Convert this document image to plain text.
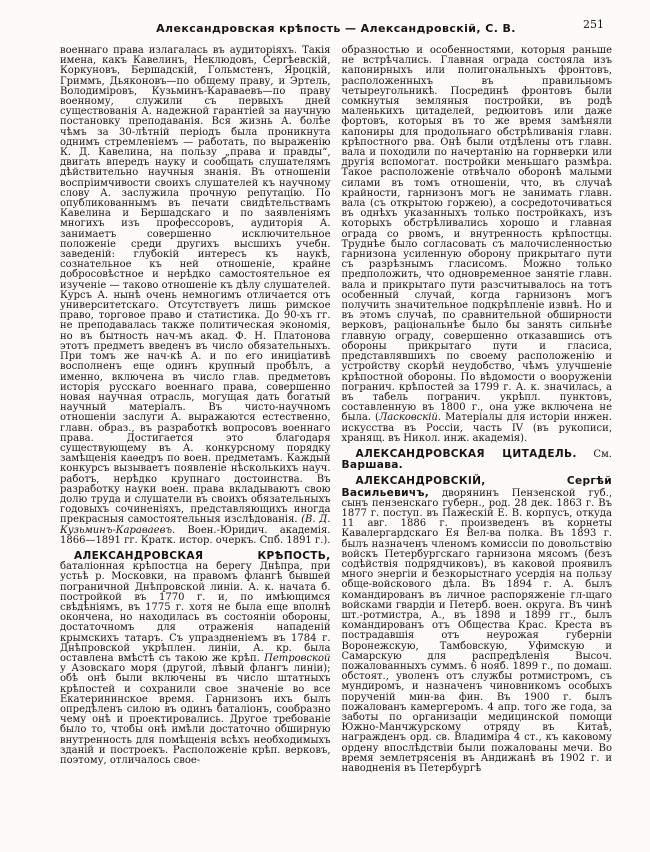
Александровская крѣпость — Александровскій, С. В.	251

военнаго права излагалась въ аудиторіяхъ. Такія имена, какъ Кавелинъ, Неклюдовъ, Сергѣевскій, Коркуновъ, Бершадскій, Гольмстенъ, Яроцкій, Гриммъ, Дьяконовъ—по общему праву, и Эртель, Володиміровъ, Кузьминъ-Караваевъ—по праву военному, служили съ первыхъ дней существованія А. надежной гарантіей за научную постановку преподаванія. Вся жизнь А. болѣе чѣмъ за 30-лѣтній періодъ была проникнута однимъ стремленіемъ — работать, по выраженію К. Д. Кавелина, на пользу „права и правды“, двигать впередъ науку и сообщать слушателямъ дѣйствительно научныя знанія. Въ отношеніи воспріимчивости своихъ слушателей къ научному слову А. заслужила прочную репутацію. По опубликованнымъ въ печати свидѣтельствамъ Кавелина и Бершадскаго и по заявленіямъ многихъ изъ профессоровъ, аудиторія А. занимаетъ совершенно исключительное положеніе среди другихъ высшихъ учебн. заведеній: глубокій интересъ къ наукѣ, сознательное къ ней отношеніе, крайне добросовѣстное и нерѣдко самостоятельное ея изученіе — таково отношеніе къ дѣлу слушателей. Курсъ А. нынѣ очень немногимъ отличается отъ университетскаго. Отсутствуетъ лишь римское право, торговое право и статистика. До 90-хъ гг. не преподавалась также политическая экономія, но въ бытность нач-мъ акад. Ф. Н. Платонова этотъ предметъ введенъ въ число обязательныхъ. При томъ же нач-кѣ А. и по его иниціативѣ восполненъ еще одинъ крупный пробѣлъ, а именно, включена въ число глав. предметовъ исторія русскаго военнаго права, совершенно новая научная отрасль, могущая дать богатый научный матеріалъ. Въ чисто-научномъ отношеніи заслуги А. выражаются естественно, главн. образ., въ разработкѣ вопросовъ военнаго права. Достигается это благодаря существующему въ А. конкурсному порядку замѣщенія каѳедръ по воен. предметамъ. Каждый конкурсъ вызываетъ появленіе нѣсколькихъ науч. работъ, нерѣдко крупнаго достоинства. Въ разработку науки воен. права вкладываютъ свою долю труда и слушатели въ своихъ обязательныхъ годовыхъ сочиненіяхъ, представляющихъ иногда прекрасныя самостоятельныя изслѣдованія. (В. Д. Кузьминъ-Караваевъ. Воен.-Юридич. академія. 1866—1891 гг. Кратк. истор. очеркъ. Спб. 1891 г.).

АЛЕКСАНДРОВСКАЯ КРѢПОСТЬ, баталіонная крѣпостца на берегу Днѣпра, при устьѣ р. Московки, на правомъ флангѣ бывшей пограничной Днѣпровской линіи. А. к. начата б. постройкой въ 1770 г. и, по имѣющимся свѣдѣніямъ, въ 1775 г. хотя не была еще вполнѣ окончена, но находилась въ состояніи обороны, достаточномъ для отраженія нападеній крымскихъ татаръ. Съ упраздненіемъ въ 1784 г. Днѣпровской укрѣплен. линіи, А. кр. была оставлена вмѣстѣ съ такою же крѣп. Петровской у Азовскаго моря (другой, лѣвый флангъ линіи); обѣ онѣ были включены въ число штатныхъ крѣпостей и сохранили свое значеніе во все Екатерининское время. Гарнизонъ ихъ былъ опредѣленъ силою въ одинъ баталіонъ, сообразно чему онѣ и проектировались. Другое требованіе было то, чтобы онѣ имѣли достаточно обширную внутренность для помѣщенія всѣхъ необходимыхъ зданій и построекъ. Расположеніе крѣп. верковъ, поэтому, отличалось свое-

образностью и особенностями, которыя раньше не встрѣчались. Главная ограда состояла изъ капонирныхъ или полигональныхъ фронтовъ, расположенныхъ въ правильномъ четыреугольникѣ. Посрединѣ фронтовъ были сомкнутыя земляныя постройки, въ родѣ маленькихъ цитаделей, редюитовъ или даже фортовъ, которыя въ то же время замѣняли капониры для продольнаго обстрѣливанія главн. крѣпостного рва. Онѣ были отдѣлены отъ главн. вала и походили по начертанію на горнверки или другія вспомогат. постройки меньшаго размѣра. Такое расположеніе отвѣчало оборонѣ малыми силами въ томъ отношеніи, что, въ случаѣ крайности, гарнизонъ могъ не занимать главн. вала (съ открытою горжею), а сосредоточиваться въ однѣхъ указанныхъ только постройкахъ, изъ которыхъ обстрѣливались хорошо и главная ограда со рвомъ, и внутренность крѣпостцы. Труднѣе было согласовать съ малочисленностью гарнизона усиленную оборону прикрытаго пути съ разрѣзнымъ гласисомъ. Можно только предположить, что одновременное занятіе главн. вала и прикрытаго пути разсчитывалось на тотъ особенный случай, когда гарнизонъ могъ получить значительное подкрѣпленіе извнѣ. Но и въ этомъ случаѣ, по сравнительной обширности верковъ, раціональнѣе было бы занять сильнѣе главную ограду, совершенно отказавшись отъ обороны прикрытаго пути и гласиса, представлявшихъ по своему расположенію и устройству скорѣй неудобство, чѣмъ улучшеніе крѣпостной обороны. По вѣдомости о вооруженіи погранич. крѣпостей за 1799 г. А. к. значилась, а въ табель погранич. укрѣпл. пунктовъ, составленную въ 1800 г., она уже включена не была. (Ласковскій. Матеріалы для исторіи инжен. искусства въ Россіи, часть IV (въ рукописи, хранящ. въ Никол. инж. академія).

АЛЕКСАНДРОВСКАЯ ЦИТАДЕЛЬ. См. Варшава.

АЛЕКСАНДРОВСКІЙ, Сергѣй Васильевичъ, дворянинъ Пензенской губ., сынъ пензенскаго губерн., род. 28 дек. 1863 г. Въ 1877 г. поступ. въ Пажескій Е. В. корпусъ, откуда 11 авг. 1886 г. произведенъ въ корнеты Кавалергардскаго Ея Вел-ва полка. Въ 1893 г. былъ назначенъ членомъ комиссіи по довольствію войскъ Петербургскаго гарнизона мясомъ (безъ содѣйствія подрядчиковъ), въ каковой проявилъ много энергіи и безкорыстнаго усердія на пользу обще-войскового дѣла. Въ 1894 г. А. былъ командированъ въ личное распоряженіе гл-щаго войсками гвардіи и Петерб. воен. округа. Въ чинѣ шт.-ротмистра, А., въ 1898 и 1899 гг., былъ командированъ отъ Общества Крас. Креста въ пострадавшія отъ неурожая губерніи Воронежскую, Тамбовскую, Уфимскую и Самарскую для распредѣленія Высоч. пожалованныхъ суммъ. 6 нояб. 1899 г., по домаш. обстоят., уволенъ отъ службы ротмистромъ, съ мундиромъ, и назначенъ чиновникомъ особыхъ порученій мин-ва фин. Въ 1900 г. былъ пожалованъ камергеромъ. 4 апр. того же года, за заботы по организаціи медицинской помощи Южно-Манчжурскому отряду въ Китаѣ, награжденъ орд. св. Владиміра 4 ст., къ каковому ордену впослѣдствіи были пожалованы мечи. Во время землетрясенія въ Андижанѣ въ 1902 г. и наводненія въ Петербургѣ
